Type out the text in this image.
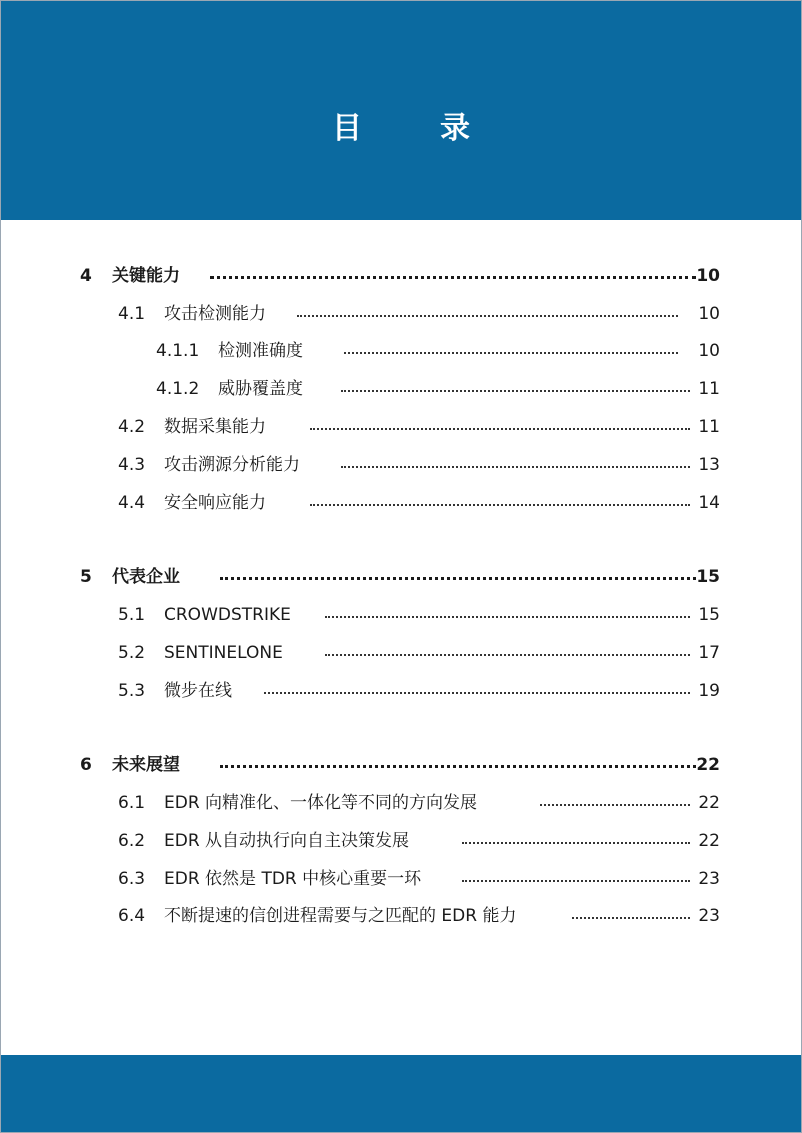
目　录
4 关键能力	10
4.1 攻击检测能力	10
4.1.1 检测准确度	10
4.1.2 威胁覆盖度	11
4.2 数据采集能力	11
4.3 攻击溯源分析能力	13
4.4 安全响应能力	14
5 代表企业	15
5.1 CROWDSTRIKE	15
5.2 SENTINELONE	17
5.3 微步在线	19
6 未来展望	22
6.1 EDR 向精准化、一体化等不同的方向发展	22
6.2 EDR 从自动执行向自主决策发展	22
6.3 EDR 依然是 TDR 中核心重要一环	23
6.4 不断提速的信创进程需要与之匹配的 EDR 能力	23
